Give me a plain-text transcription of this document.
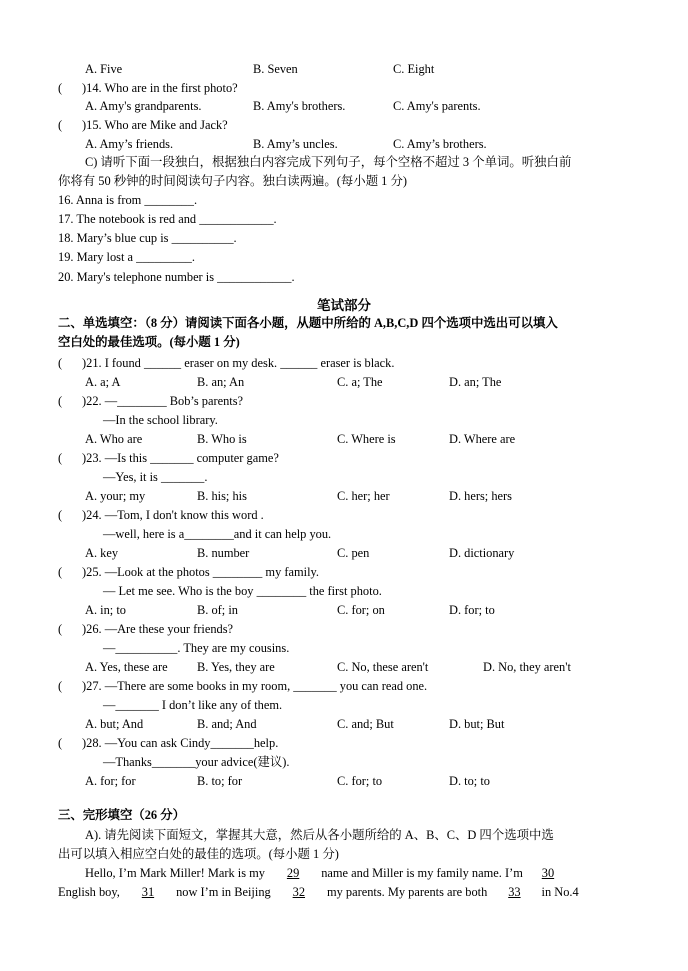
A. Five	B. Seven	C. Eight
( )14. Who are in the first photo?
A. Amy's grandparents.	B. Amy's brothers.	C. Amy's parents.
( )15. Who are Mike and Jack?
A. Amy’s friends.	B. Amy’s uncles.	C. Amy’s brothers.
C) 请听下面一段独白，根据独白内容完成下列句子，每个空格不超过 3 个单词。听独白前
你将有 50 秒钟的时间阅读句子内容。独白读两遍。(每小题 1 分)
16. Anna is from ________.
17. The notebook is red and ____________.
18. Mary’s blue cup is __________.
19. Mary lost a _________.
20. Mary's telephone number is ____________.
笔试部分
二、单选填空：（8 分）请阅读下面各小题，从题中所给的 A,B,C,D 四个选项中选出可以填入
空白处的最佳选项。(每小题 1 分)
( )21. I found ______ eraser on my desk. ______ eraser is black.
A. a; A	B. an; An	C. a; The	D. an; The
( )22. —________ Bob’s parents?
—In the school library.
A. Who are	B. Who is	C. Where is	D. Where are
( )23. —Is this _______ computer game?
—Yes, it is _______.
A. your; my	B. his; his	C. her; her	D. hers; hers
( )24. —Tom, I don't know this word .
—well, here is a________and it can help you.
A. key	B. number	C. pen	D. dictionary
( )25. —Look at the photos ________ my family.
— Let me see. Who is the boy ________ the first photo.
A. in; to	B. of; in	C. for; on	D. for; to
( )26. —Are these your friends?
—__________. They are my cousins.
A. Yes, these are B. Yes, they are	C. No, these aren't	D. No, they aren't
( )27. —There are some books in my room, _______ you can read one.
—_______ I don’t like any of them.
A. but; And	B. and; And	C. and; But	D. but; But
( )28. —You can ask Cindy_______help.
—Thanks_______your advice(建议).
A. for; for	B. to; for	C. for; to	D. to; to
三、完形填空（26 分）
A). 请先阅读下面短文，掌握其大意，然后从各小题所给的 A、B、C、D 四个选项中选
出可以填入相应空白处的最佳的选项。(每小题 1 分)
Hello, I’m Mark Miller! Mark is my 29 name and Miller is my family name. I’m 30
English boy, 31 now I’m in Beijing 32 my parents. My parents are both 33 in No.4
